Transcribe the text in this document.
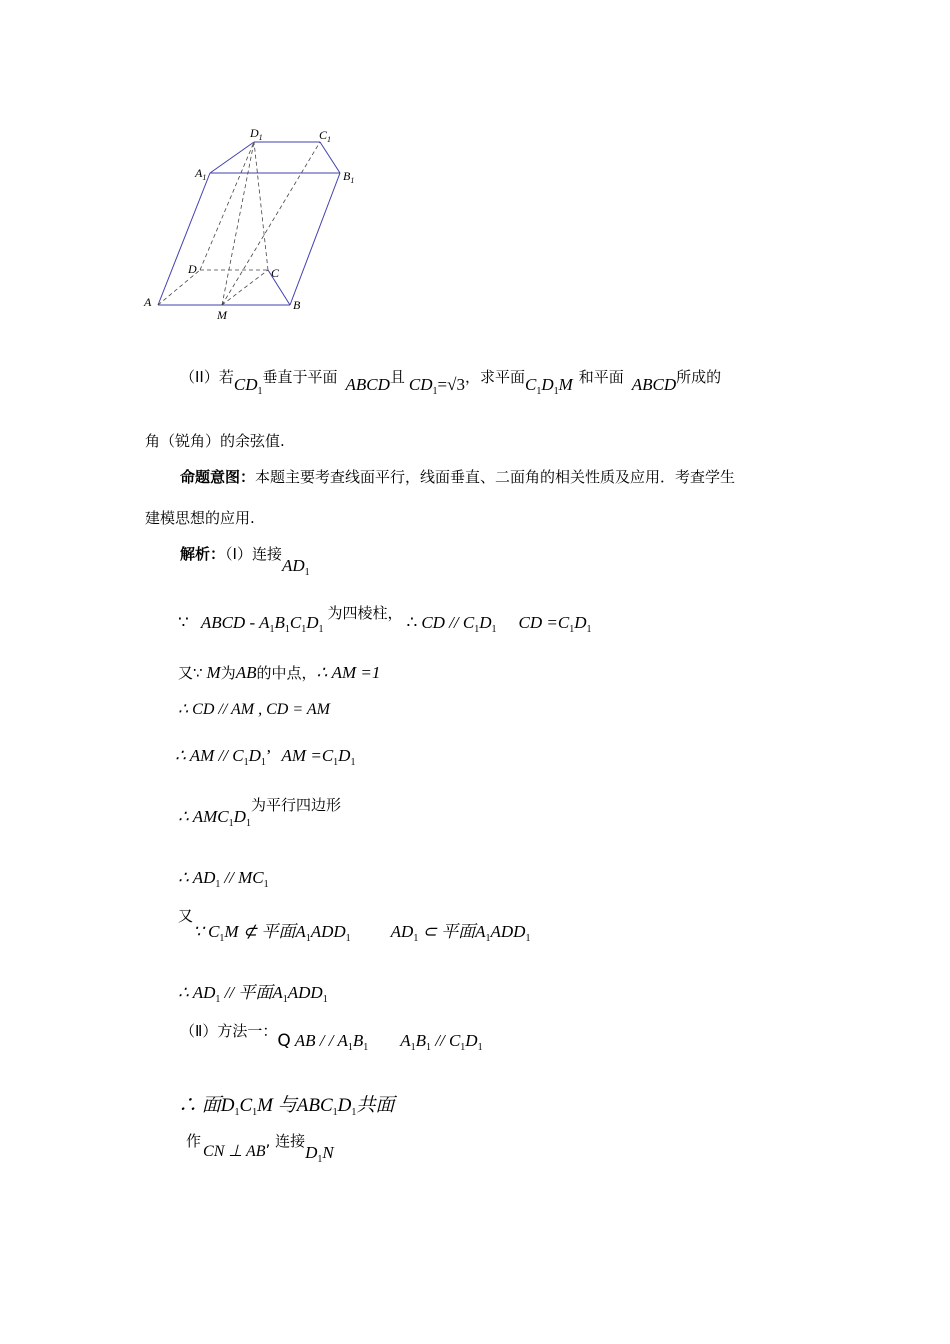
$D_1$	$C_1$
$A_1$	$B_1$
D	C
A	B
M
（II）若$CD_1$垂直于平面 ABCD且 $CD_1=√3$，求平面$C_1D_1M$ 和平面 ABCD所成的
角（锐角）的余弦值.
命题意图：本题主要考查线面平行，线面垂直、二面角的相关性质及应用．考查学生
建模思想的应用.
解析：（Ⅰ）连接$AD_1$
∵ ABCD - $A_1B_1C_1D_1$ 为四棱柱， ∴ CD // $C_1D_1$ CD $=C_1D_1$
又∵ M为AB的中点，∴ AM =1
∴ CD // AM , CD = AM
∴ AM // $C_1D_1$’ AM $=C_1D_1$
∴ $AMC_1D_1$为平行四边形
∴ $AD_1 // MC_1$
又∵ $C_1M$ ⊄ 平面$A_1ADD_1$ $AD_1$ ⊂ 平面$A_1ADD_1$
∴ $AD_1$ // 平面$A_1ADD_1$
（Ⅱ）方法一：Q AB / / $A_1B_1$ $A_1B_1 // C_1D_1$
∴ 面$D_1C_1M$ 与$ABC_1D_1$共面
作CN ⊥ AB, 连接$D_1N$
